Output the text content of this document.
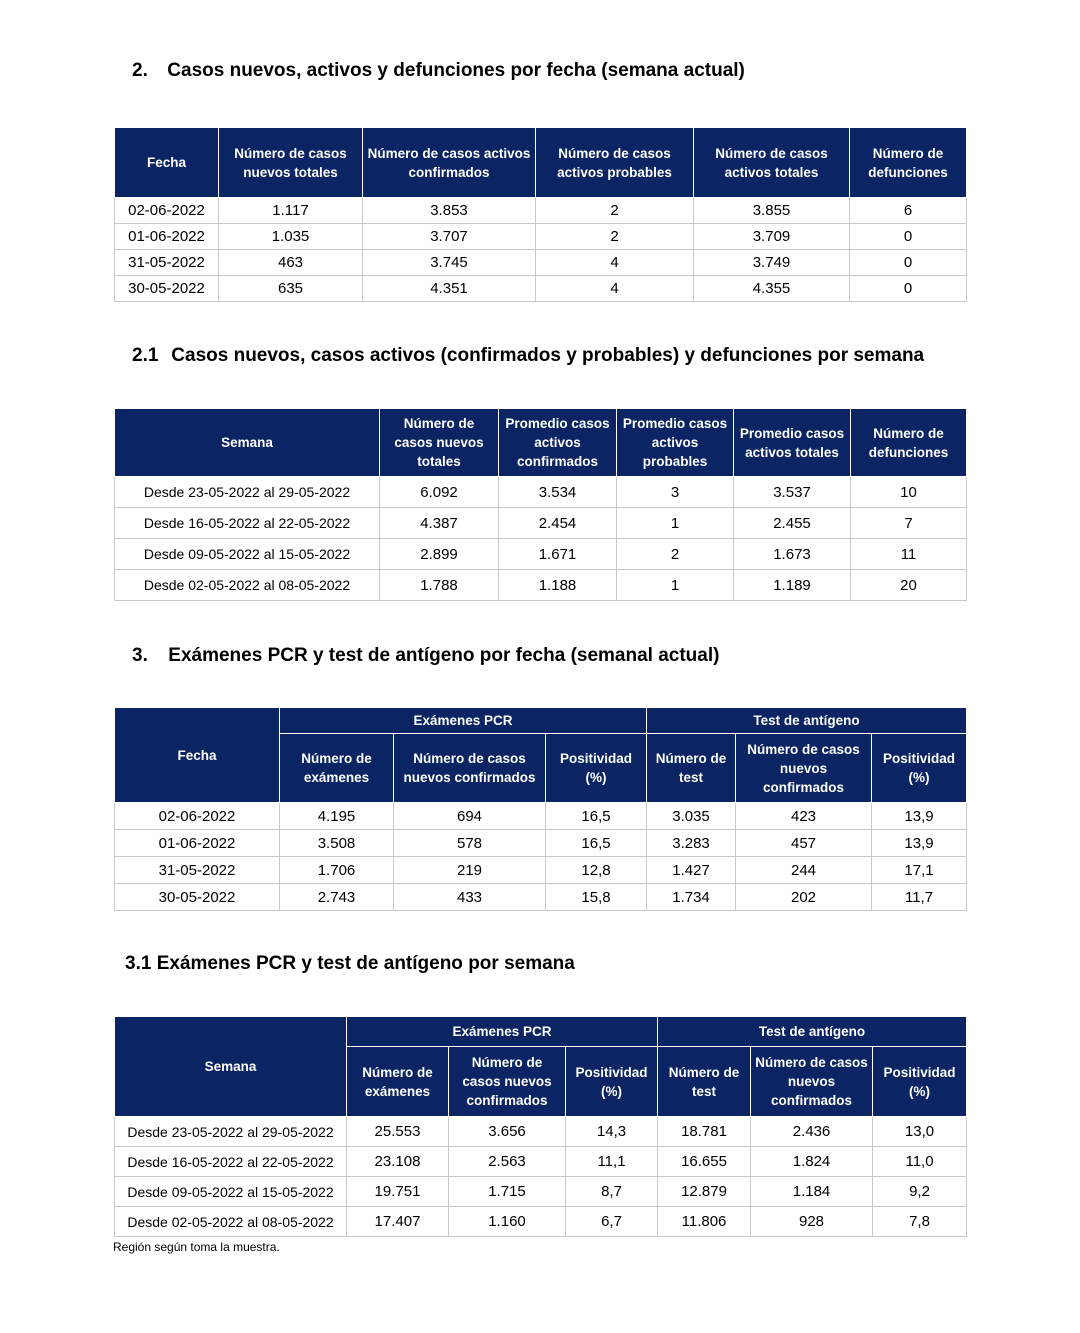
2. Casos nuevos, activos y defunciones por fecha (semana actual)
Fecha	Número de casos nuevos totales	Número de casos activos confirmados	Número de casos activos probables	Número de casos activos totales	Número de defunciones
02-06-2022	1.117	3.853	2	3.855	6
01-06-2022	1.035	3.707	2	3.709	0
31-05-2022	463	3.745	4	3.749	0
30-05-2022	635	4.351	4	4.355	0
2.1 Casos nuevos, casos activos (confirmados y probables) y defunciones por semana
Semana	Número de casos nuevos totales	Promedio casos activos confirmados	Promedio casos activos probables	Promedio casos activos totales	Número de defunciones
Desde 23-05-2022 al 29-05-2022	6.092	3.534	3	3.537	10
Desde 16-05-2022 al 22-05-2022	4.387	2.454	1	2.455	7
Desde 09-05-2022 al 15-05-2022	2.899	1.671	2	1.673	11
Desde 02-05-2022 al 08-05-2022	1.788	1.188	1	1.189	20
3. Exámenes PCR y test de antígeno por fecha (semanal actual)
Fecha	Exámenes PCR			Test de antígeno		
	Número de exámenes	Número de casos nuevos confirmados	Positividad (%)	Número de test	Número de casos nuevos confirmados	Positividad (%)
02-06-2022	4.195	694	16,5	3.035	423	13,9
01-06-2022	3.508	578	16,5	3.283	457	13,9
31-05-2022	1.706	219	12,8	1.427	244	17,1
30-05-2022	2.743	433	15,8	1.734	202	11,7
3.1 Exámenes PCR y test de antígeno por semana
Semana	Exámenes PCR			Test de antígeno		
	Número de exámenes	Número de casos nuevos confirmados	Positividad (%)	Número de test	Número de casos nuevos confirmados	Positividad (%)
Desde 23-05-2022 al 29-05-2022	25.553	3.656	14,3	18.781	2.436	13,0
Desde 16-05-2022 al 22-05-2022	23.108	2.563	11,1	16.655	1.824	11,0
Desde 09-05-2022 al 15-05-2022	19.751	1.715	8,7	12.879	1.184	9,2
Desde 02-05-2022 al 08-05-2022	17.407	1.160	6,7	11.806	928	7,8
Región según toma la muestra.
